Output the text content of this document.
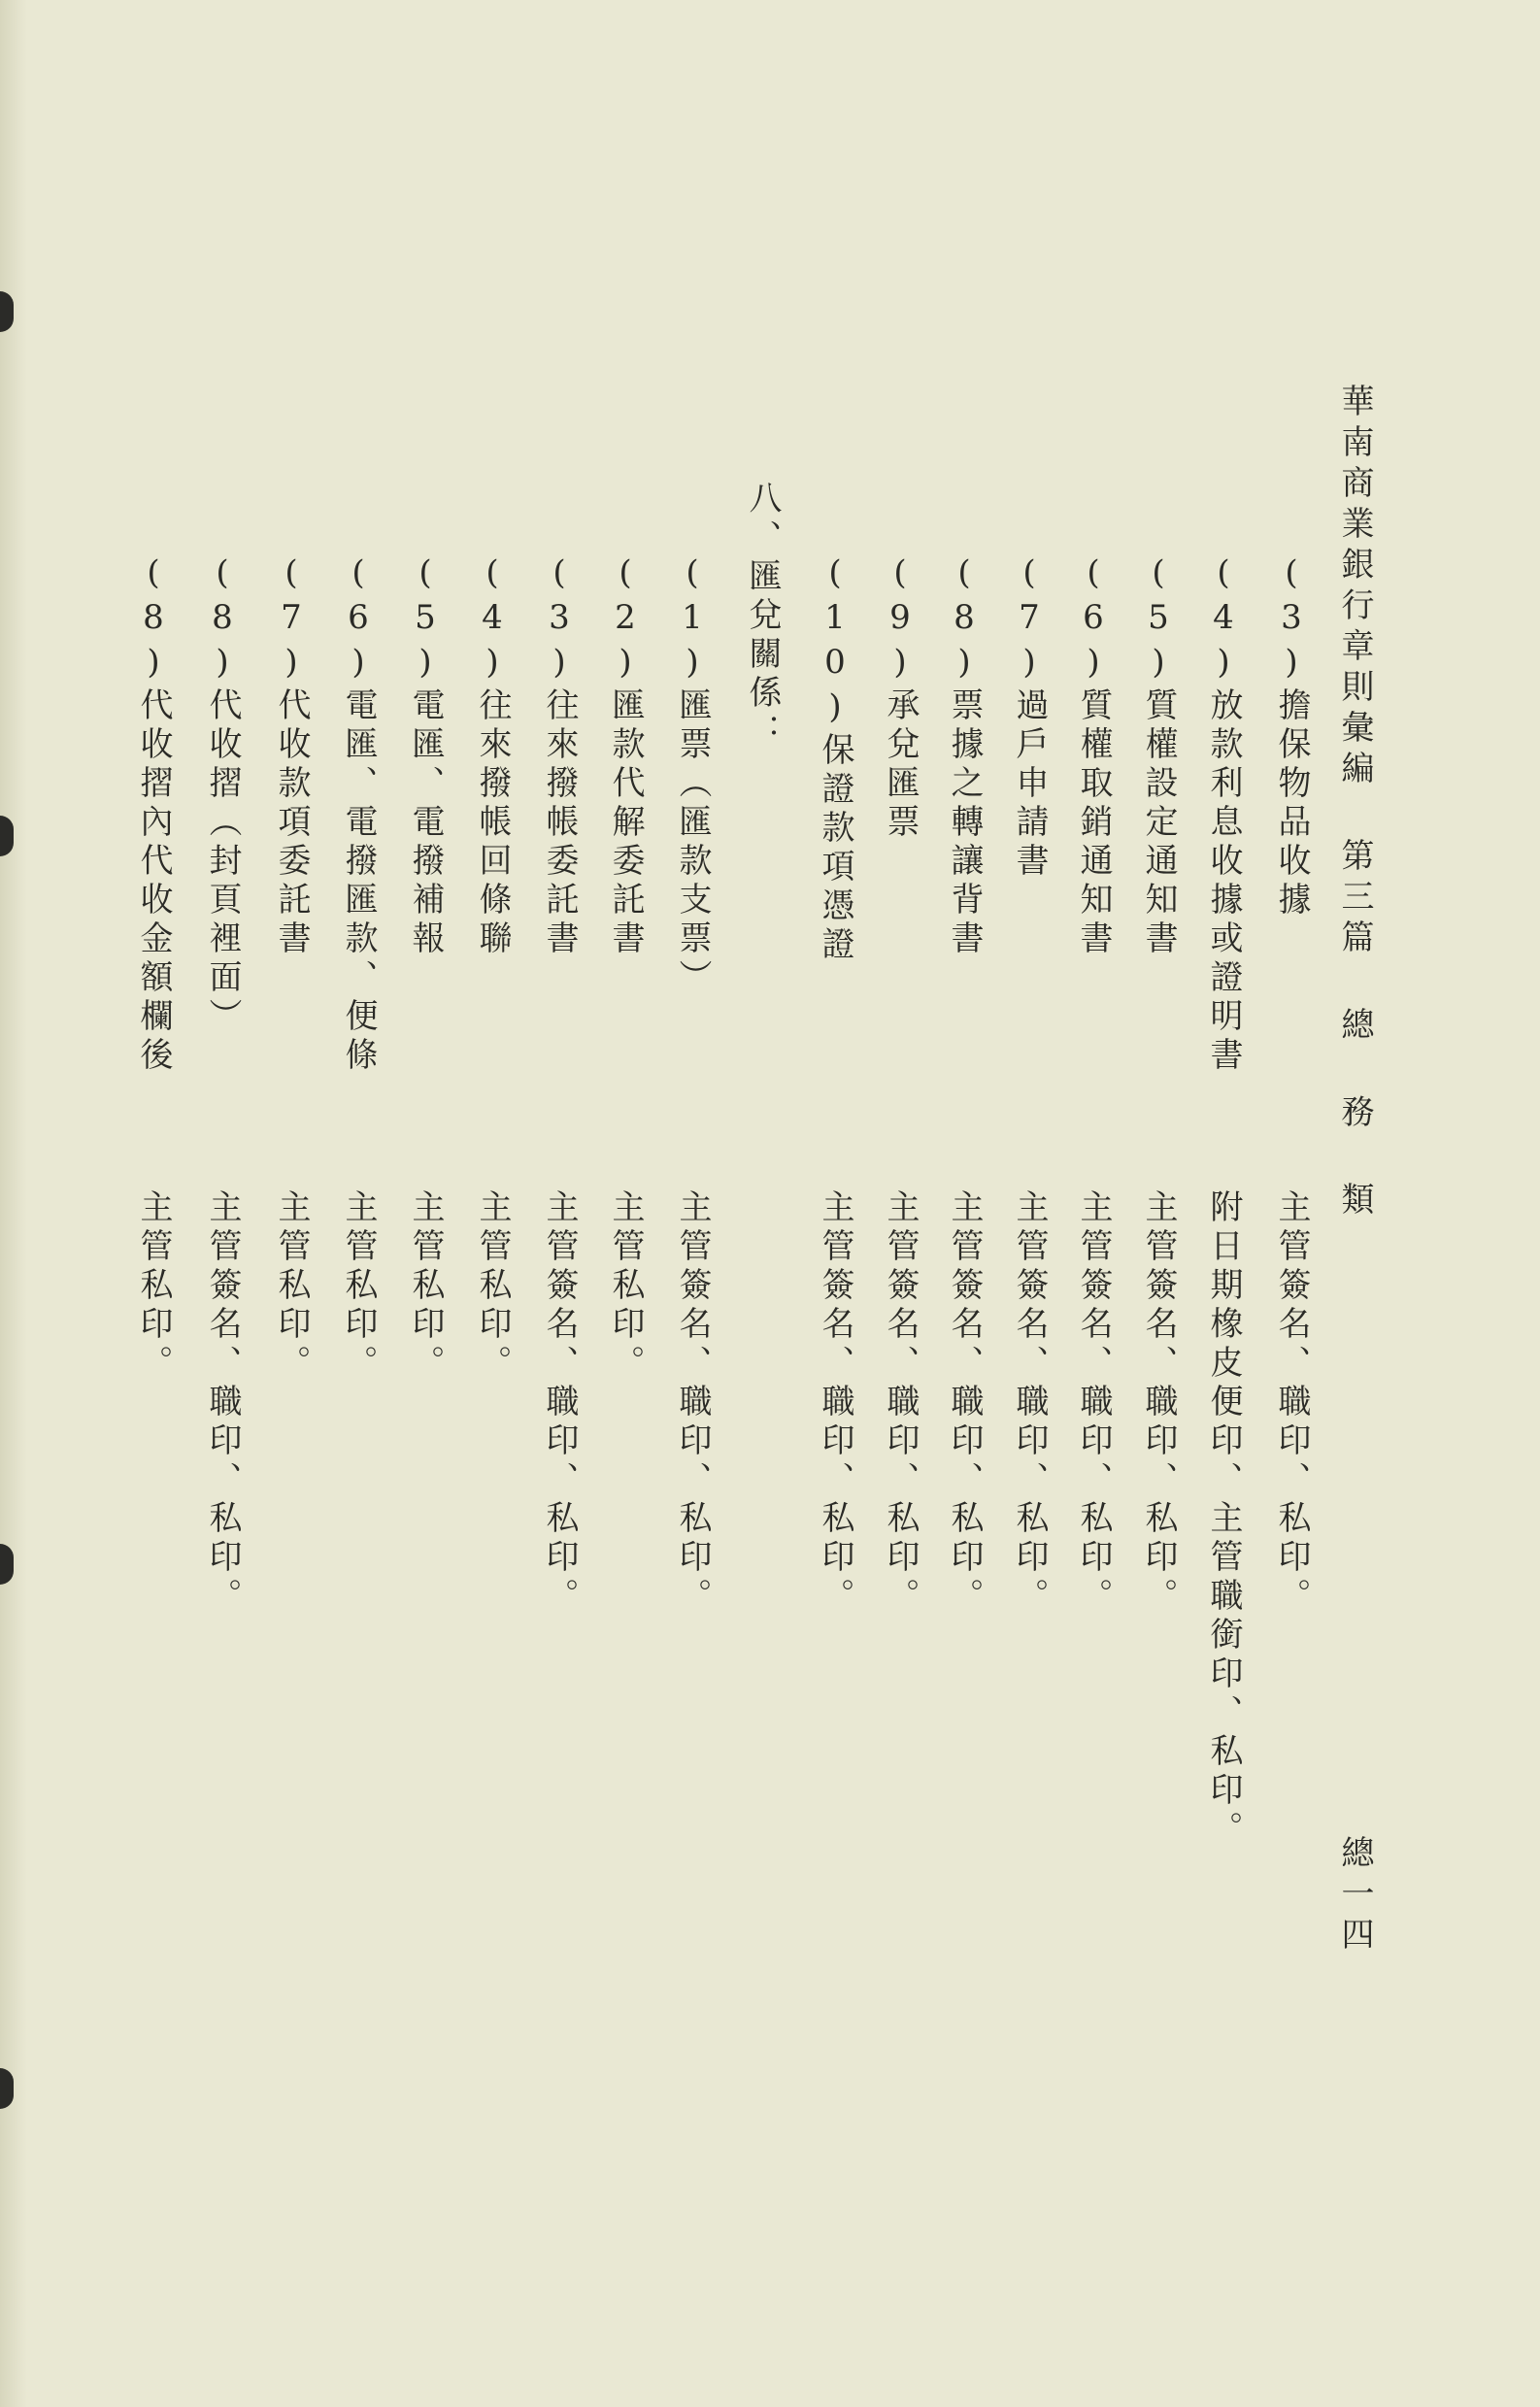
華南商業銀行章則彙編 第三篇 總 務 類
總一四
(3)擔保物品收據
主管簽名、職印、私印。
(4)放款利息收據或證明書
附日期橡皮便印、主管職銜印、私印。
(5)質權設定通知書
主管簽名、職印、私印。
(6)質權取銷通知書
主管簽名、職印、私印。
(7)過戶申請書
主管簽名、職印、私印。
(8)票據之轉讓背書
主管簽名、職印、私印。
(9)承兌匯票
主管簽名、職印、私印。
(10)保證款項憑證
主管簽名、職印、私印。
八、匯兌關係：
(1)匯票（匯款支票）
主管簽名、職印、私印。
(2)匯款代解委託書
主管私印。
(3)往來撥帳委託書
主管簽名、職印、私印。
(4)往來撥帳回條聯
主管私印。
(5)電匯、電撥補報
主管私印。
(6)電匯、電撥匯款、便條
主管私印。
(7)代收款項委託書
主管私印。
(8)代收摺（封頁裡面）
主管簽名、職印、私印。
(8)代收摺內代收金額欄後
主管私印。
